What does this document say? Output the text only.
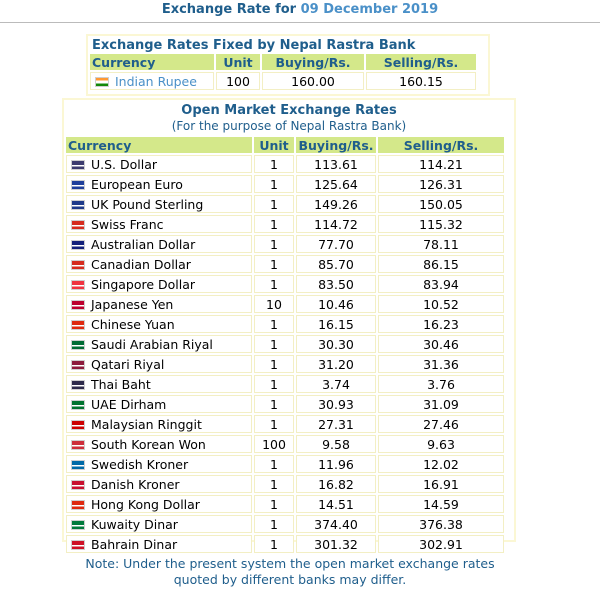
Exchange Rate for 09 December 2019
Exchange Rates Fixed by Nepal Rastra Bank
Currency	Unit	Buying/Rs.	Selling/Rs.
Indian Rupee	100	160.00	160.15
Open Market Exchange Rates
(For the purpose of Nepal Rastra Bank)
Currency	Unit	Buying/Rs.	Selling/Rs.
U.S. Dollar	1	113.61	114.21
European Euro	1	125.64	126.31
UK Pound Sterling	1	149.26	150.05
Swiss Franc	1	114.72	115.32
Australian Dollar	1	77.70	78.11
Canadian Dollar	1	85.70	86.15
Singapore Dollar	1	83.50	83.94
Japanese Yen	10	10.46	10.52
Chinese Yuan	1	16.15	16.23
Saudi Arabian Riyal	1	30.30	30.46
Qatari Riyal	1	31.20	31.36
Thai Baht	1	3.74	3.76
UAE Dirham	1	30.93	31.09
Malaysian Ringgit	1	27.31	27.46
South Korean Won	100	9.58	9.63
Swedish Kroner	1	11.96	12.02
Danish Kroner	1	16.82	16.91
Hong Kong Dollar	1	14.51	14.59
Kuwaity Dinar	1	374.40	376.38
Bahrain Dinar	1	301.32	302.91
Note: Under the present system the open market exchange rates
quoted by different banks may differ.
